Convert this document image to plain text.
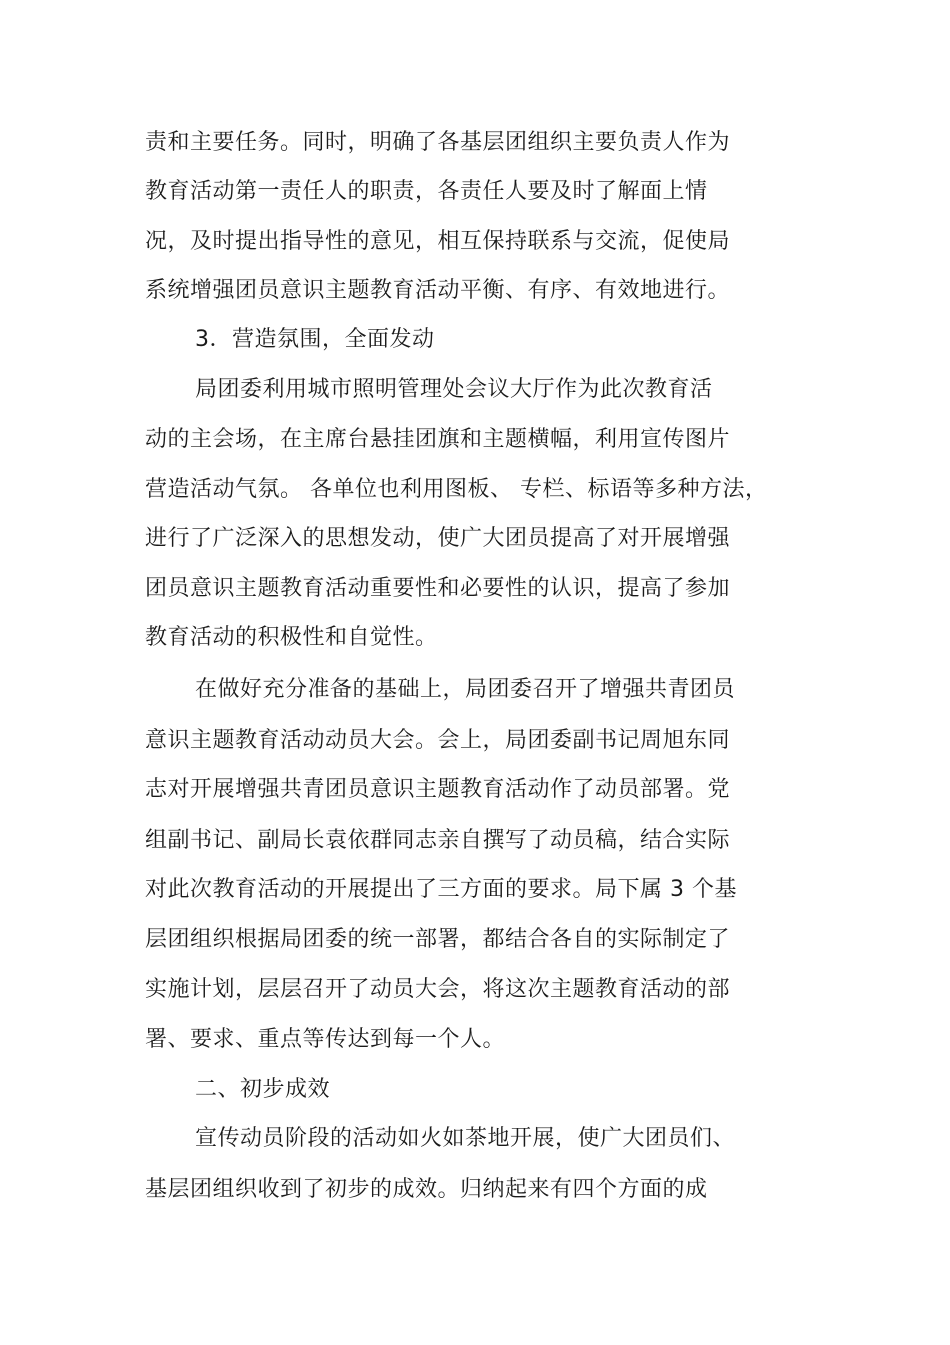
责和主要任务。同时，明确了各基层团组织主要负责人作为
教育活动第一责任人的职责，各责任人要及时了解面上情
况，及时提出指导性的意见，相互保持联系与交流，促使局
系统增强团员意识主题教育活动平衡、有序、有效地进行。
3．营造氛围，全面发动
局团委利用城市照明管理处会议大厅作为此次教育活
动的主会场，在主席台悬挂团旗和主题横幅，利用宣传图片
营造活动气氛。 各单位也利用图板、 专栏、标语等多种方法，
进行了广泛深入的思想发动，使广大团员提高了对开展增强
团员意识主题教育活动重要性和必要性的认识，提高了参加
教育活动的积极性和自觉性。
在做好充分准备的基础上，局团委召开了增强共青团员
意识主题教育活动动员大会。会上，局团委副书记周旭东同
志对开展增强共青团员意识主题教育活动作了动员部署。党
组副书记、副局长袁依群同志亲自撰写了动员稿，结合实际
对此次教育活动的开展提出了三方面的要求。局下属 3 个基
层团组织根据局团委的统一部署，都结合各自的实际制定了
实施计划，层层召开了动员大会，将这次主题教育活动的部
署、要求、重点等传达到每一个人。
二、初步成效
宣传动员阶段的活动如火如茶地开展，使广大团员们、
基层团组织收到了初步的成效。归纳起来有四个方面的成
